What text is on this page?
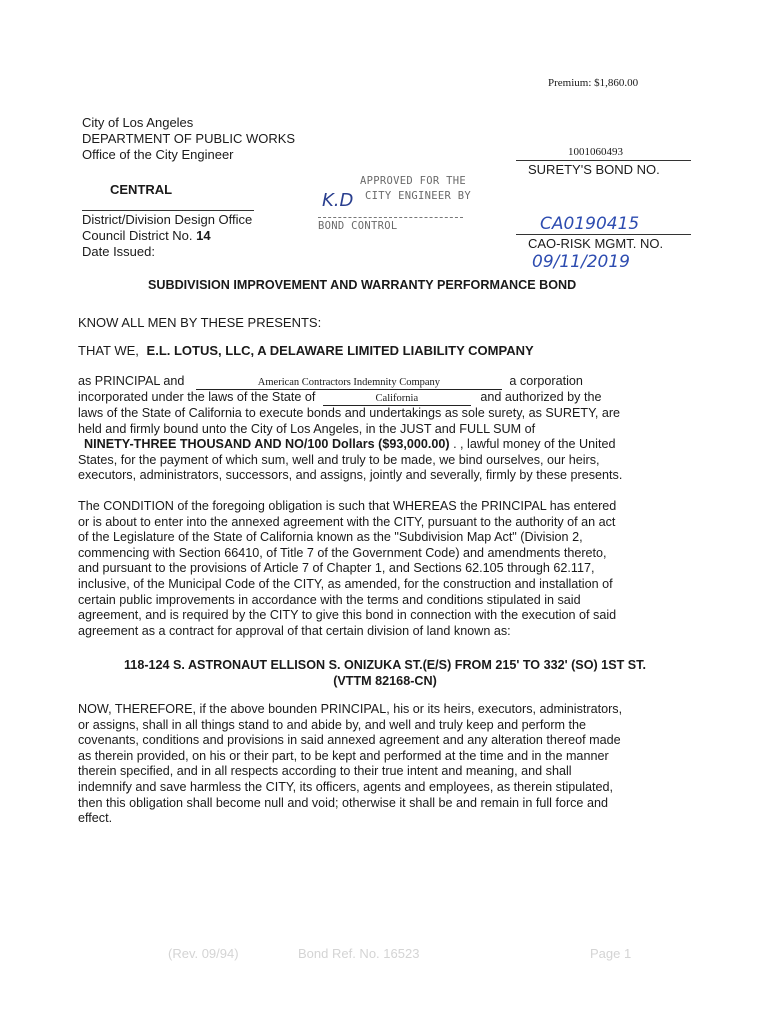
Premium: $1,860.00
City of Los Angeles
DEPARTMENT OF PUBLIC WORKS
Office of the City Engineer
CENTRAL
District/Division Design Office
Council District No. 14
Date Issued:
APPROVED FOR THE
CITY ENGINEER BY
K.D
BOND CONTROL
1001060493
SURETY'S BOND NO.
CA0190415
CAO-RISK MGMT. NO.
09/11/2019
SUBDIVISION IMPROVEMENT AND WARRANTY PERFORMANCE BOND
KNOW ALL MEN BY THESE PRESENTS:
THAT WE, E.L. LOTUS, LLC, A DELAWARE LIMITED LIABILITY COMPANY
as PRINCIPAL and	American Contractors Indemnity Company	a corporation
incorporated under the laws of the State of	California	and authorized by the
laws of the State of California to execute bonds and undertakings as sole surety, as SURETY, are
held and firmly bound unto the City of Los Angeles, in the JUST and FULL SUM of
NINETY-THREE THOUSAND AND NO/100 Dollars ($93,000.00) . , lawful money of the United
States, for the payment of which sum, well and truly to be made, we bind ourselves, our heirs,
executors, administrators, successors, and assigns, jointly and severally, firmly by these presents.
The CONDITION of the foregoing obligation is such that WHEREAS the PRINCIPAL has entered
or is about to enter into the annexed agreement with the CITY, pursuant to the authority of an act
of the Legislature of the State of California known as the "Subdivision Map Act" (Division 2,
commencing with Section 66410, of Title 7 of the Government Code) and amendments thereto,
and pursuant to the provisions of Article 7 of Chapter 1, and Sections 62.105 through 62.117,
inclusive, of the Municipal Code of the CITY, as amended, for the construction and installation of
certain public improvements in accordance with the terms and conditions stipulated in said
agreement, and is required by the CITY to give this bond in connection with the execution of said
agreement as a contract for approval of that certain division of land known as:
118-124 S. ASTRONAUT ELLISON S. ONIZUKA ST.(E/S) FROM 215' TO 332' (SO) 1ST ST.
(VTTM 82168-CN)
NOW, THEREFORE, if the above bounden PRINCIPAL, his or its heirs, executors, administrators,
or assigns, shall in all things stand to and abide by, and well and truly keep and perform the
covenants, conditions and provisions in said annexed agreement and any alteration thereof made
as therein provided, on his or their part, to be kept and performed at the time and in the manner
therein specified, and in all respects according to their true intent and meaning, and shall
indemnify and save harmless the CITY, its officers, agents and employees, as therein stipulated,
then this obligation shall become null and void; otherwise it shall be and remain in full force and
effect.
(Rev. 09/94)	Bond Ref. No. 16523	Page 1
